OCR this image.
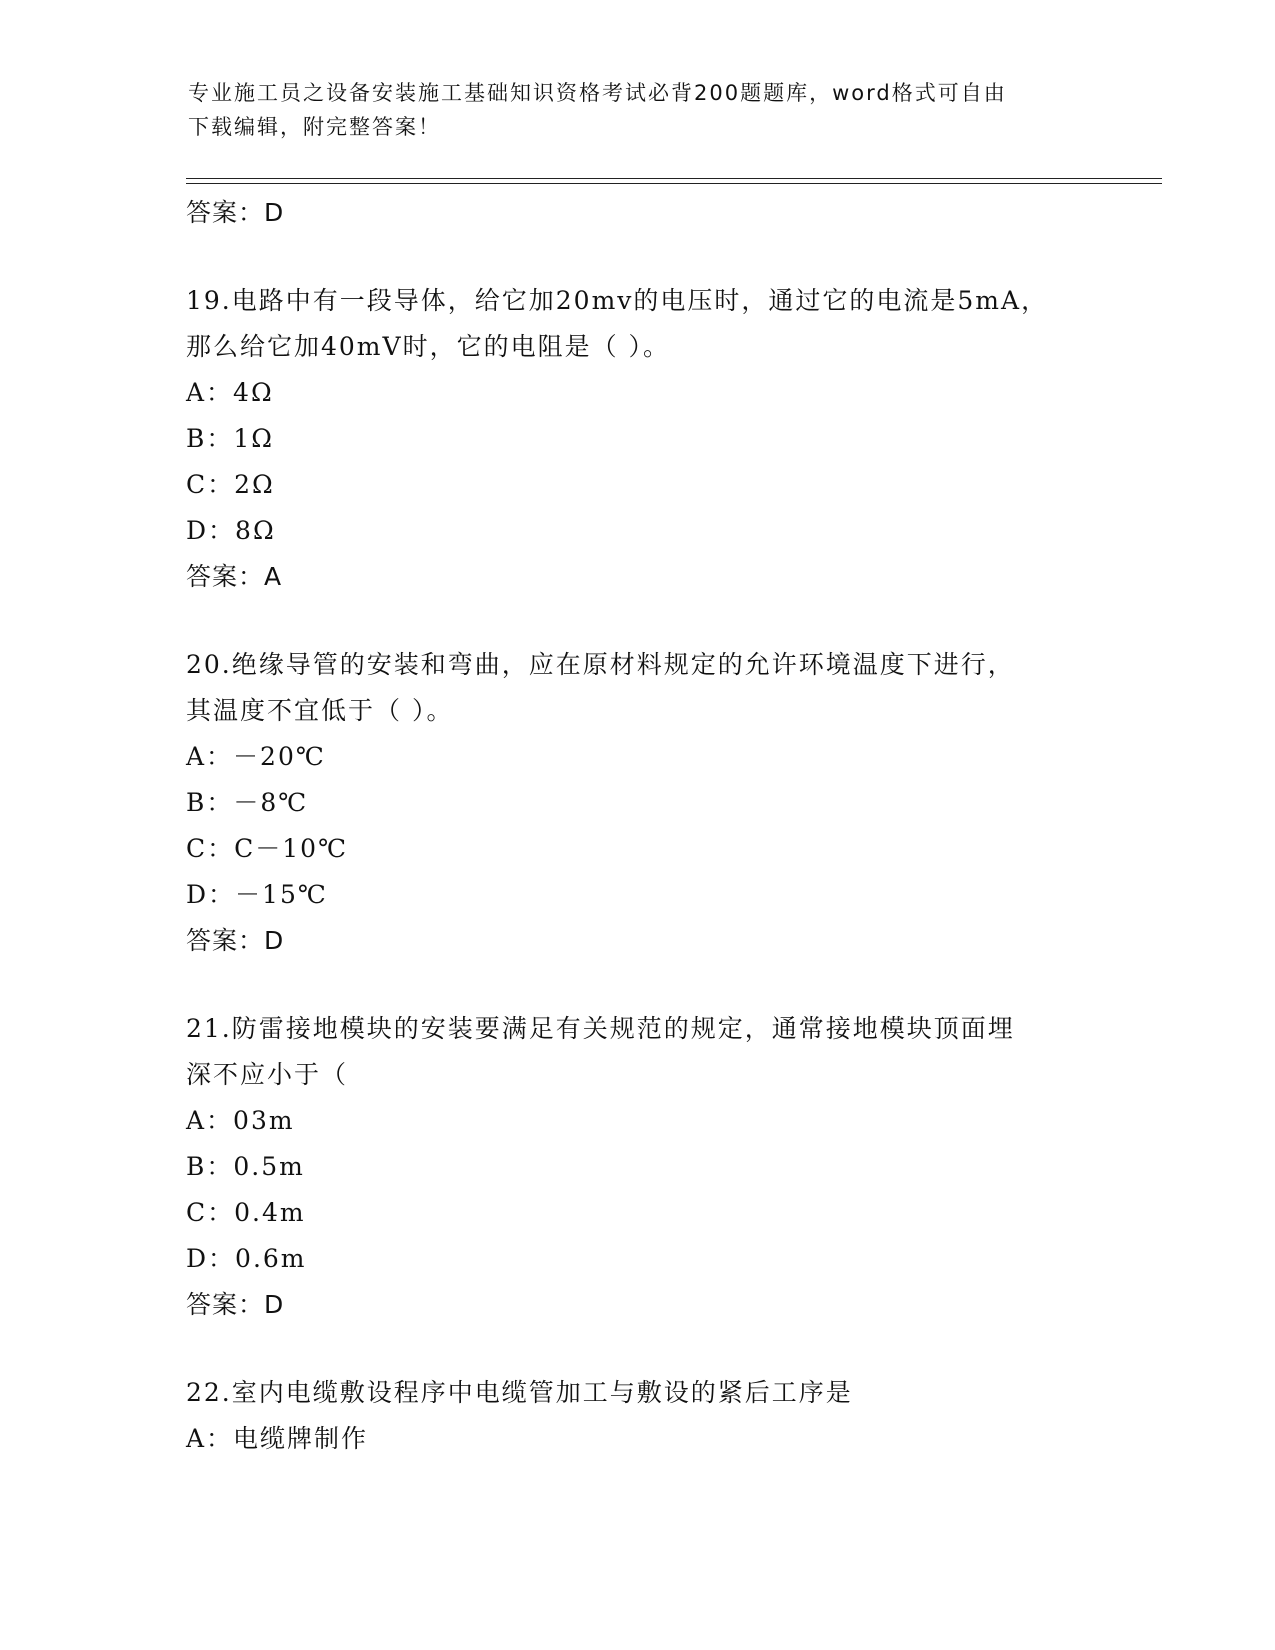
专业施工员之设备安装施工基础知识资格考试必背200题题库，word格式可自由
下载编辑，附完整答案！
答案：D
19.电路中有一段导体，给它加20mv的电压时，通过它的电流是5mA，
那么给它加40mV时，它的电阻是（ ）。
A：4Ω
B：1Ω
C：2Ω
D：8Ω
答案：A
20.绝缘导管的安装和弯曲，应在原材料规定的允许环境温度下进行，
其温度不宜低于（ ）。
A：－20℃
B：－8℃
C：C－10℃
D：－15℃
答案：D
21.防雷接地模块的安装要满足有关规范的规定，通常接地模块顶面埋
深不应小于（
A：03m
B：0.5m
C：0.4m
D：0.6m
答案：D
22.室内电缆敷设程序中电缆管加工与敷设的紧后工序是
A：电缆牌制作
